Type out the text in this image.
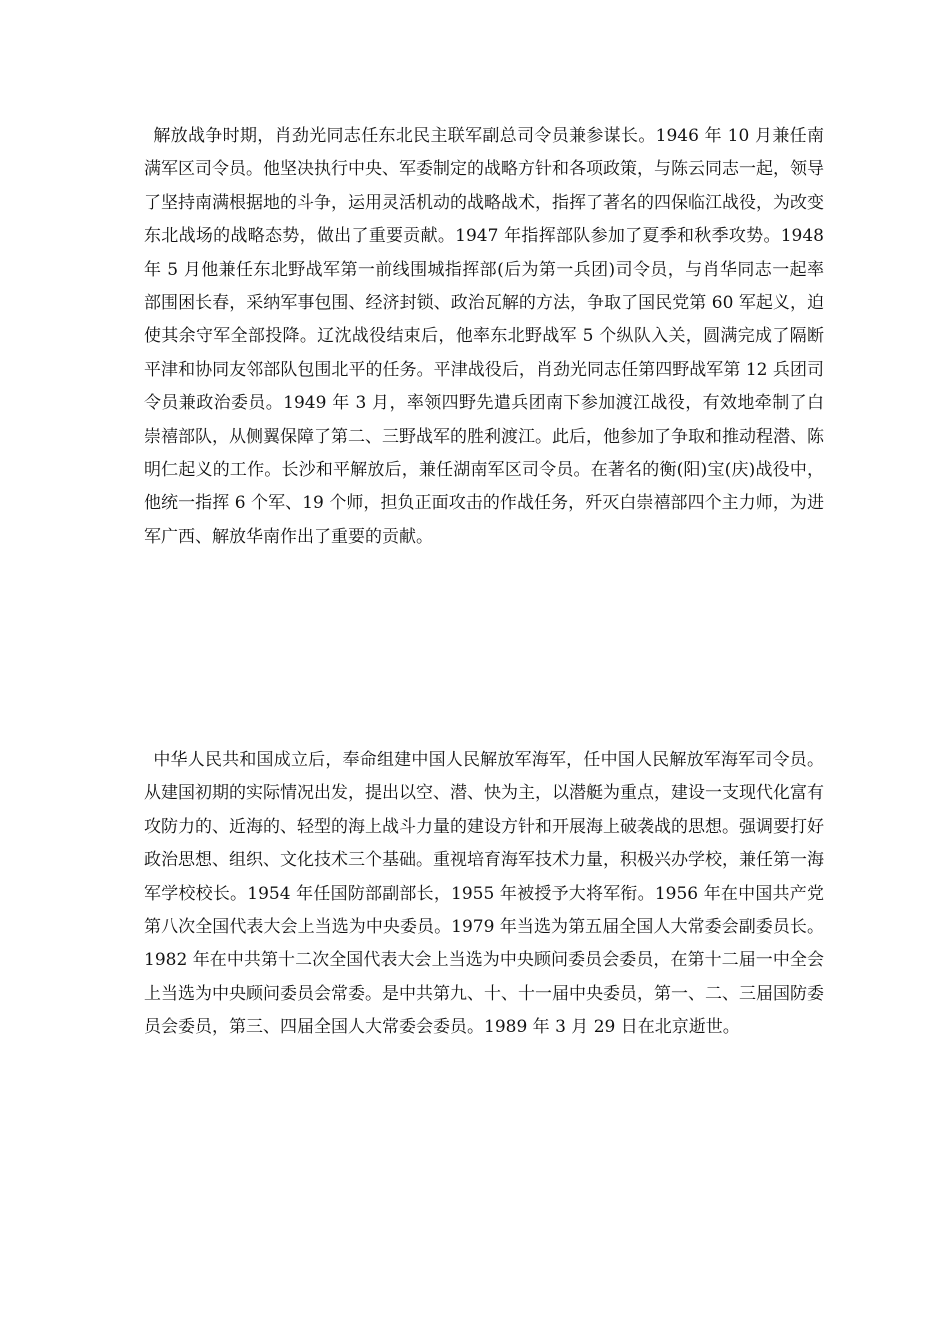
解放战争时期，肖劲光同志任东北民主联军副总司令员兼参谋长。1946 年 10 月兼任南满军区司令员。他坚决执行中央、军委制定的战略方针和各项政策，与陈云同志一起，领导了坚持南满根据地的斗争，运用灵活机动的战略战术，指挥了著名的四保临江战役，为改变东北战场的战略态势，做出了重要贡献。1947 年指挥部队参加了夏季和秋季攻势。1948 年 5 月他兼任东北野战军第一前线围城指挥部(后为第一兵团)司令员，与肖华同志一起率部围困长春，采纳军事包围、经济封锁、政治瓦解的方法，争取了国民党第 60 军起义，迫使其余守军全部投降。辽沈战役结束后，他率东北野战军 5 个纵队入关，圆满完成了隔断平津和协同友邻部队包围北平的任务。平津战役后，肖劲光同志任第四野战军第 12 兵团司令员兼政治委员。1949 年 3 月，率领四野先遣兵团南下参加渡江战役，有效地牵制了白崇禧部队，从侧翼保障了第二、三野战军的胜利渡江。此后，他参加了争取和推动程潜、陈明仁起义的工作。长沙和平解放后，兼任湖南军区司令员。在著名的衡(阳)宝(庆)战役中，他统一指挥 6 个军、19 个师，担负正面攻击的作战任务，歼灭白崇禧部四个主力师，为进军广西、解放华南作出了重要的贡献。

中华人民共和国成立后，奉命组建中国人民解放军海军，任中国人民解放军海军司令员。从建国初期的实际情况出发，提出以空、潜、快为主，以潜艇为重点，建设一支现代化富有攻防力的、近海的、轻型的海上战斗力量的建设方针和开展海上破袭战的思想。强调要打好政治思想、组织、文化技术三个基础。重视培育海军技术力量，积极兴办学校，兼任第一海军学校校长。1954 年任国防部副部长，1955 年被授予大将军衔。1956 年在中国共产党第八次全国代表大会上当选为中央委员。1979 年当选为第五届全国人大常委会副委员长。1982 年在中共第十二次全国代表大会上当选为中央顾问委员会委员，在第十二届一中全会上当选为中央顾问委员会常委。是中共第九、十、十一届中央委员，第一、二、三届国防委员会委员，第三、四届全国人大常委会委员。1989 年 3 月 29 日在北京逝世。
